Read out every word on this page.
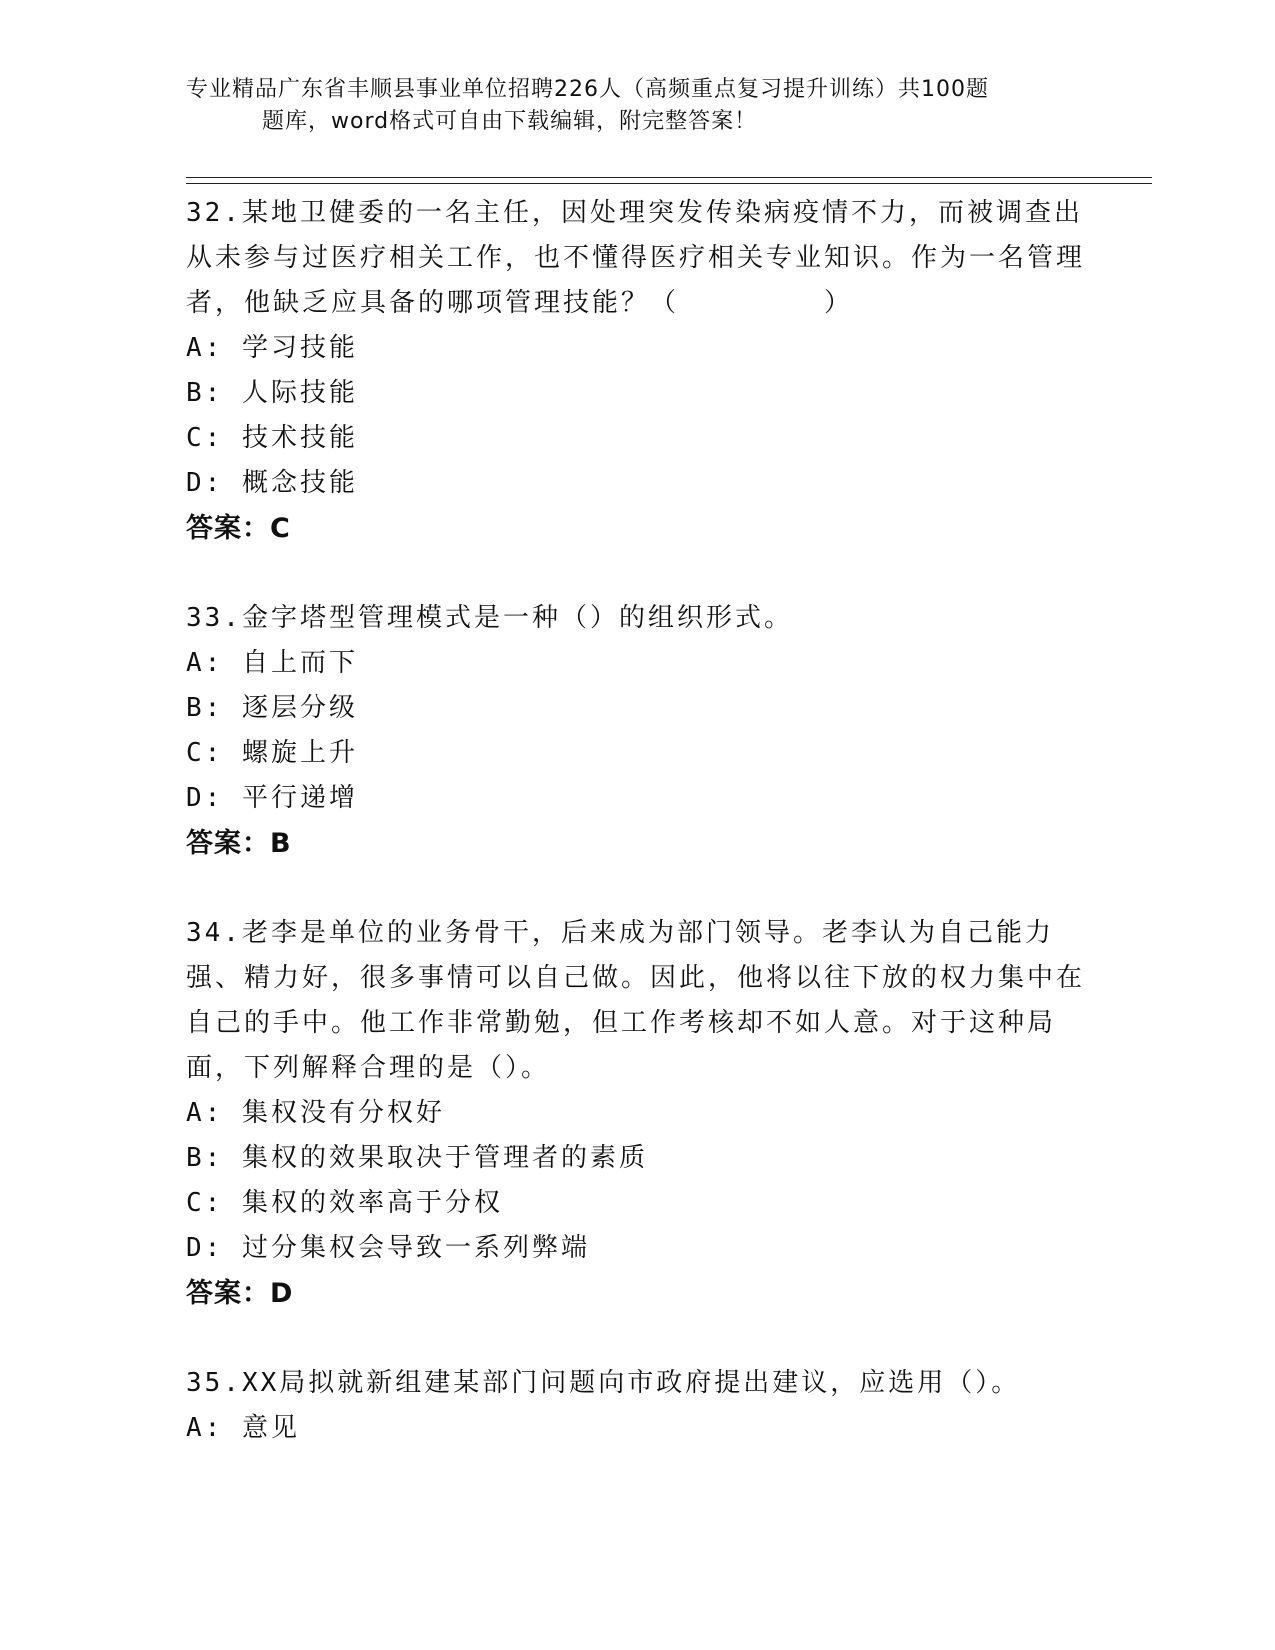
专业精品广东省丰顺县事业单位招聘226人（高频重点复习提升训练）共100题
题库，word格式可自由下载编辑，附完整答案！
32.某地卫健委的一名主任，因处理突发传染病疫情不力，而被调查出从未参与过医疗相关工作，也不懂得医疗相关专业知识。作为一名管理者，他缺乏应具备的哪项管理技能？（　　　　　）
A: 学习技能
B: 人际技能
C: 技术技能
D: 概念技能
答案：C
33.金字塔型管理模式是一种（）的组织形式。
A: 自上而下
B: 逐层分级
C: 螺旋上升
D: 平行递增
答案：B
34.老李是单位的业务骨干，后来成为部门领导。老李认为自己能力强、精力好，很多事情可以自己做。因此，他将以往下放的权力集中在自己的手中。他工作非常勤勉，但工作考核却不如人意。对于这种局面，下列解释合理的是（）。
A: 集权没有分权好
B: 集权的效果取决于管理者的素质
C: 集权的效率高于分权
D: 过分集权会导致一系列弊端
答案：D
35.XX局拟就新组建某部门问题向市政府提出建议，应选用（）。
A: 意见
